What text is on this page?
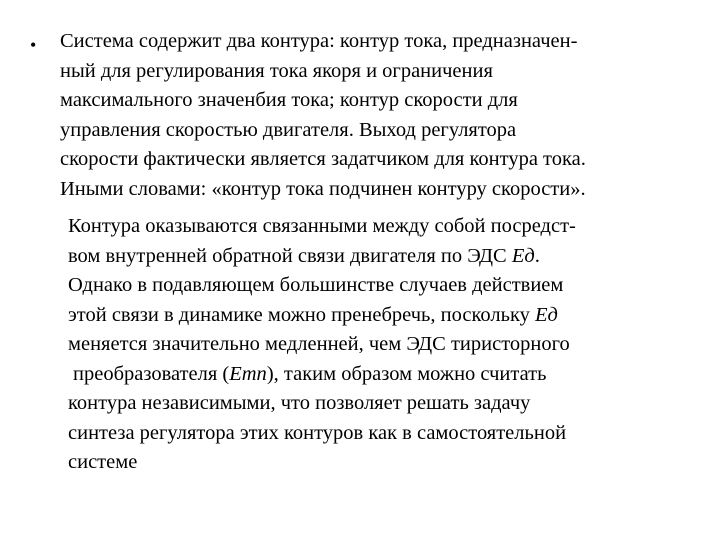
• Система содержит два контура: контур тока, предназначен-
ный для регулирования тока якоря и ограничения
максимального значенбия тока; контур скорости для
управления скоростью двигателя. Выход регулятора
скорости фактически является задатчиком для контура тока.
Иными словами: «контур тока подчинен контуру скорости».
Контура оказываются связанными между собой посредст-
вом внутренней обратной связи двигателя по ЭДС Ед.
Однако в подавляющем большинстве случаев действием
этой связи в динамике можно пренебречь, поскольку Ед
меняется значительно медленней, чем ЭДС тиристорного
преобразователя (Етп), таким образом можно считать
контура независимыми, что позволяет решать задачу
синтеза регулятора этих контуров как в самостоятельной
системе
